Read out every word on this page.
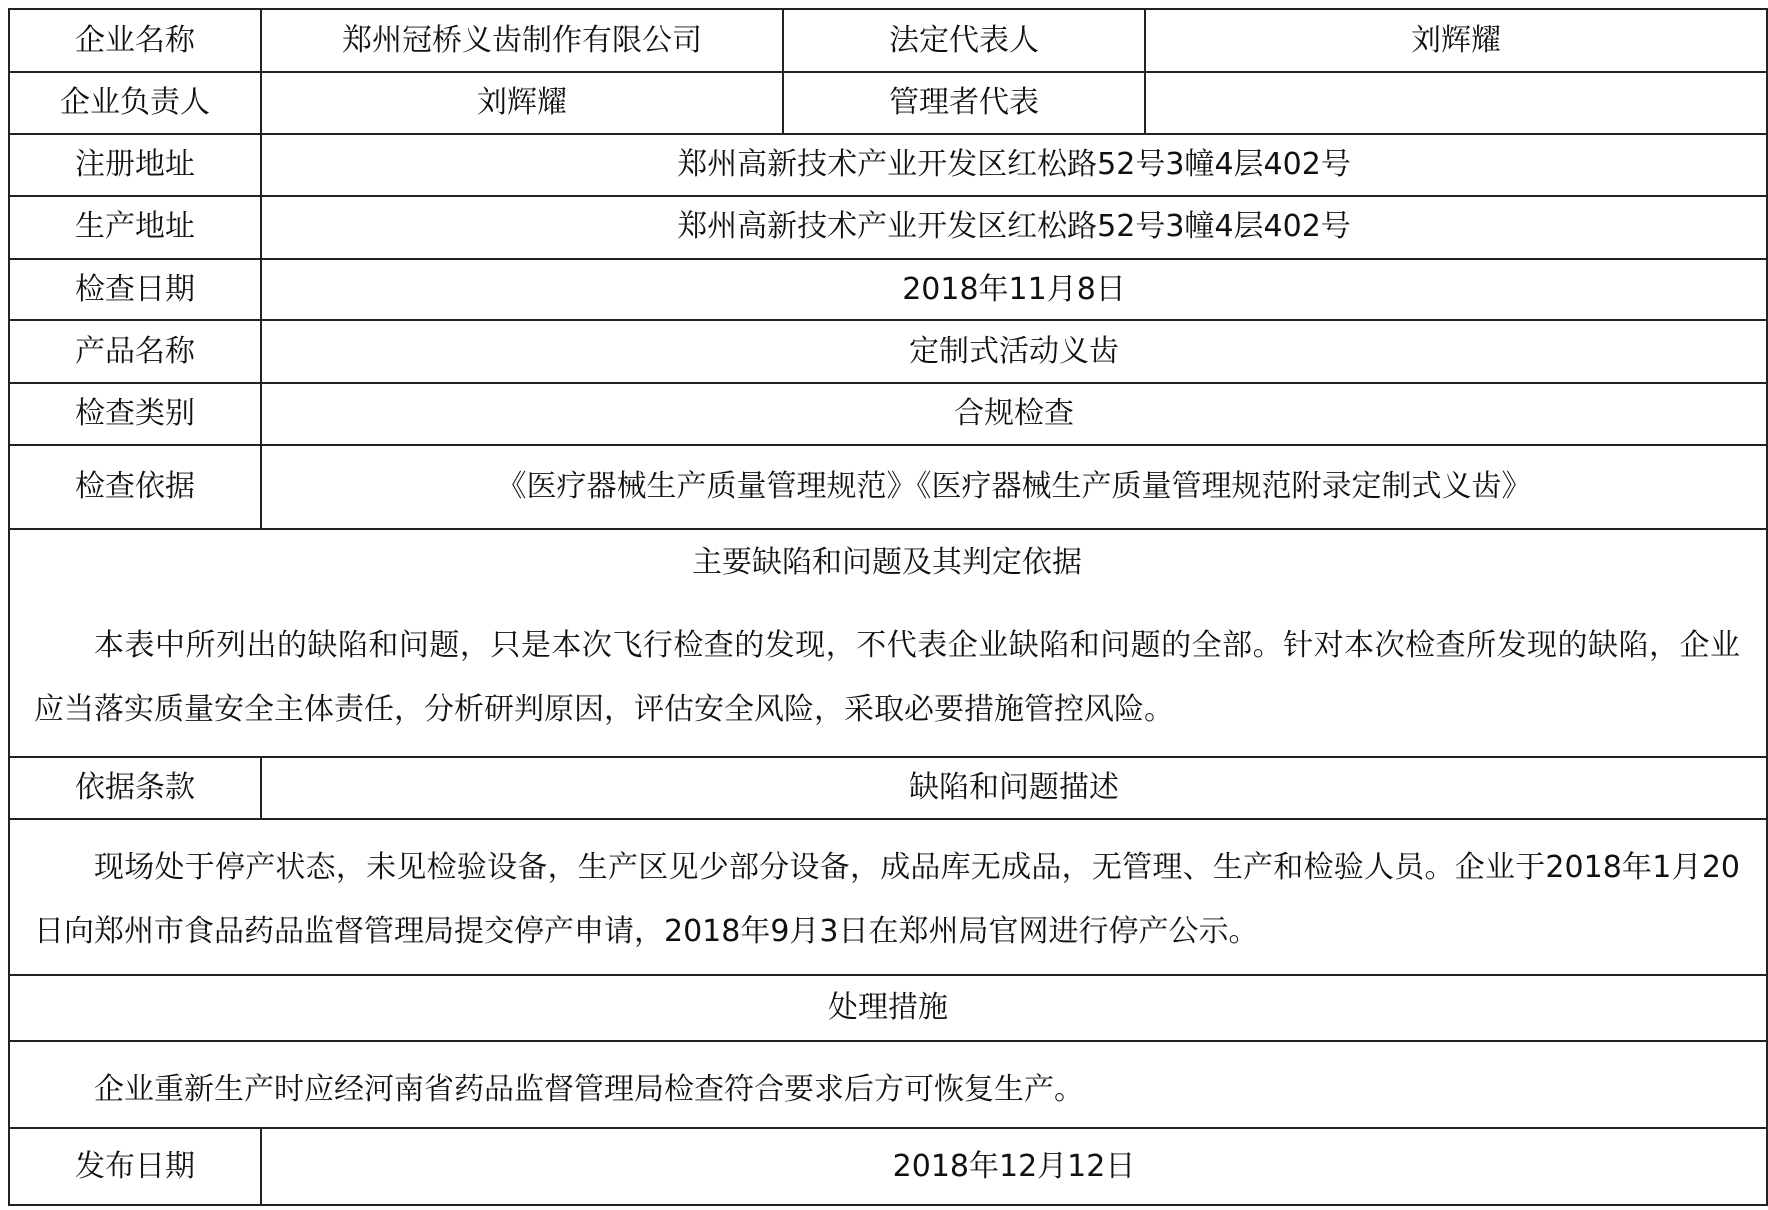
企业名称	郑州冠桥义齿制作有限公司	法定代表人	刘辉耀
企业负责人	刘辉耀	管理者代表	
注册地址	郑州高新技术产业开发区红松路52号3幢4层402号		
生产地址	郑州高新技术产业开发区红松路52号3幢4层402号		
检查日期	2018年11月8日		
产品名称	定制式活动义齿		
检查类别	合规检查		
检查依据	《医疗器械生产质量管理规范》《医疗器械生产质量管理规范附录定制式义齿》		

主要缺陷和问题及其判定依据

本表中所列出的缺陷和问题，只是本次飞行检查的发现，不代表企业缺陷和问题的全部。针对本次检查所发现的缺陷，企业应当落实质量安全主体责任，分析研判原因，评估安全风险，采取必要措施管控风险。			

依据条款	缺陷和问题描述		

现场处于停产状态，未见检验设备，生产区见少部分设备，成品库无成品，无管理、生产和检验人员。企业于2018年1月20日向郑州市食品药品监督管理局提交停产申请，2018年9月3日在郑州局官网进行停产公示。			

处理措施			

企业重新生产时应经河南省药品监督管理局检查符合要求后方可恢复生产。			

发布日期	2018年12月12日		
